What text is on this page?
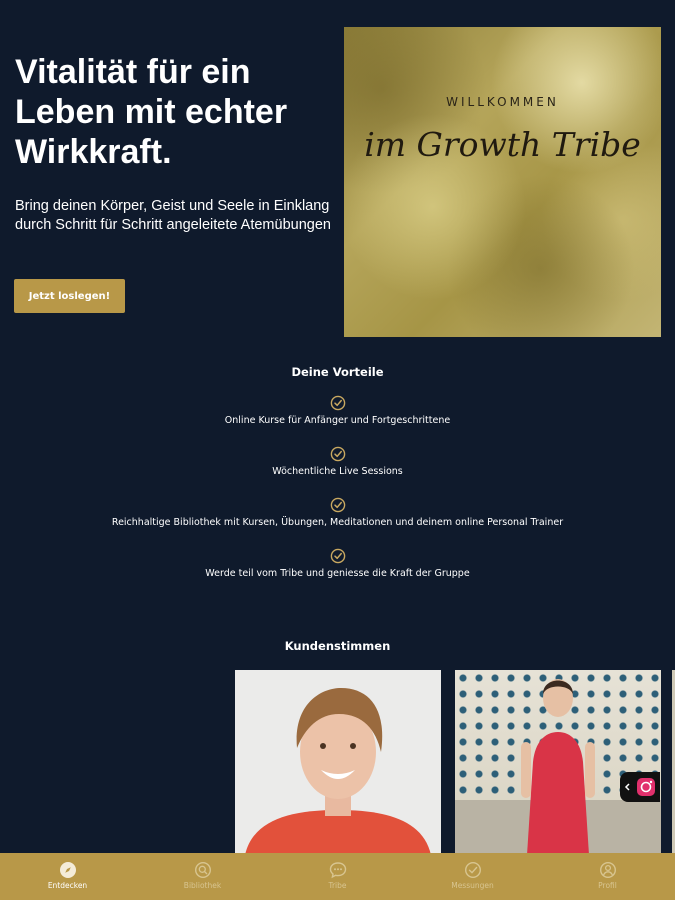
Vitalität für ein Leben mit echter Wirkkraft.

Bring deinen Körper, Geist und Seele in Einklang durch Schritt für Schritt angeleitete Atemübungen

Jetzt loslegen!
WILLKOMMEN
im Growth Tribe
Deine Vorteile
Online Kurse für Anfänger und Fortgeschrittene
Wöchentliche Live Sessions
Reichhaltige Bibliothek mit Kursen, Übungen, Meditationen und deinem online Personal Trainer
Werde teil vom Tribe und geniesse die Kraft der Gruppe
Kundenstimmen
Entdecken	Bibliothek	Tribe	Messungen	Profil
